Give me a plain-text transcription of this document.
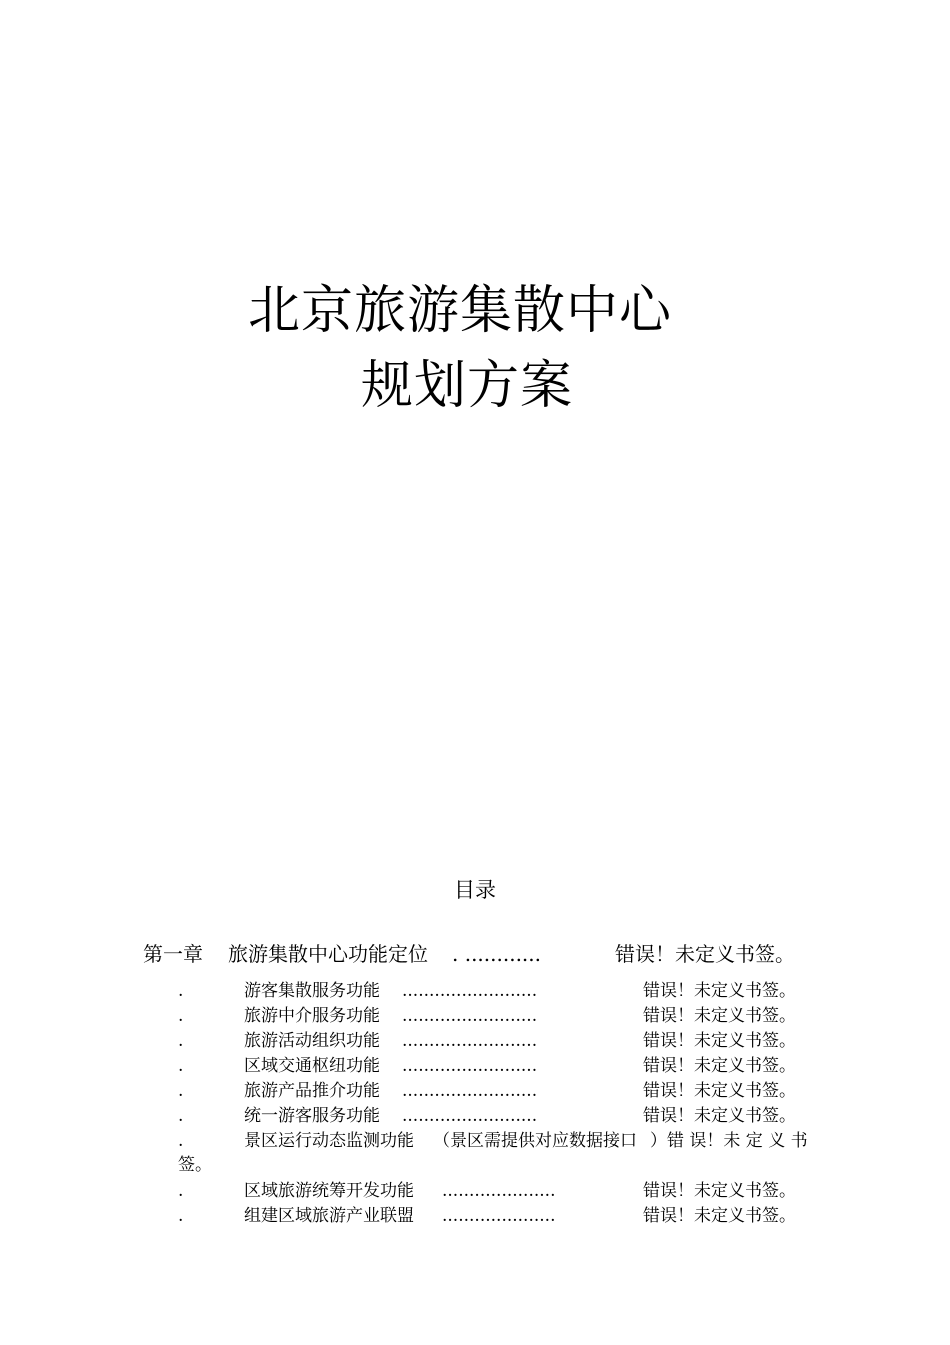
北京旅游集散中心
规划方案
目录
第一章 旅游集散中心功能定位 . ............	错误！未定义书签。
.	游客集散服务功能 .........................	错误！未定义书签。
.	旅游中介服务功能 .........................	错误！未定义书签。
.	旅游活动组织功能 .........................	错误！未定义书签。
.	区域交通枢纽功能 .........................	错误！未定义书签。
.	旅游产品推介功能 .........................	错误！未定义书签。
.	统一游客服务功能 .........................	错误！未定义书签。
.	景区运行动态监测功能 （景区需提供对应数据接口 ）错 误！未 定 义 书
签。
.	区域旅游统筹开发功能 .....................	错误！未定义书签。
.	组建区域旅游产业联盟 .....................	错误！未定义书签。
